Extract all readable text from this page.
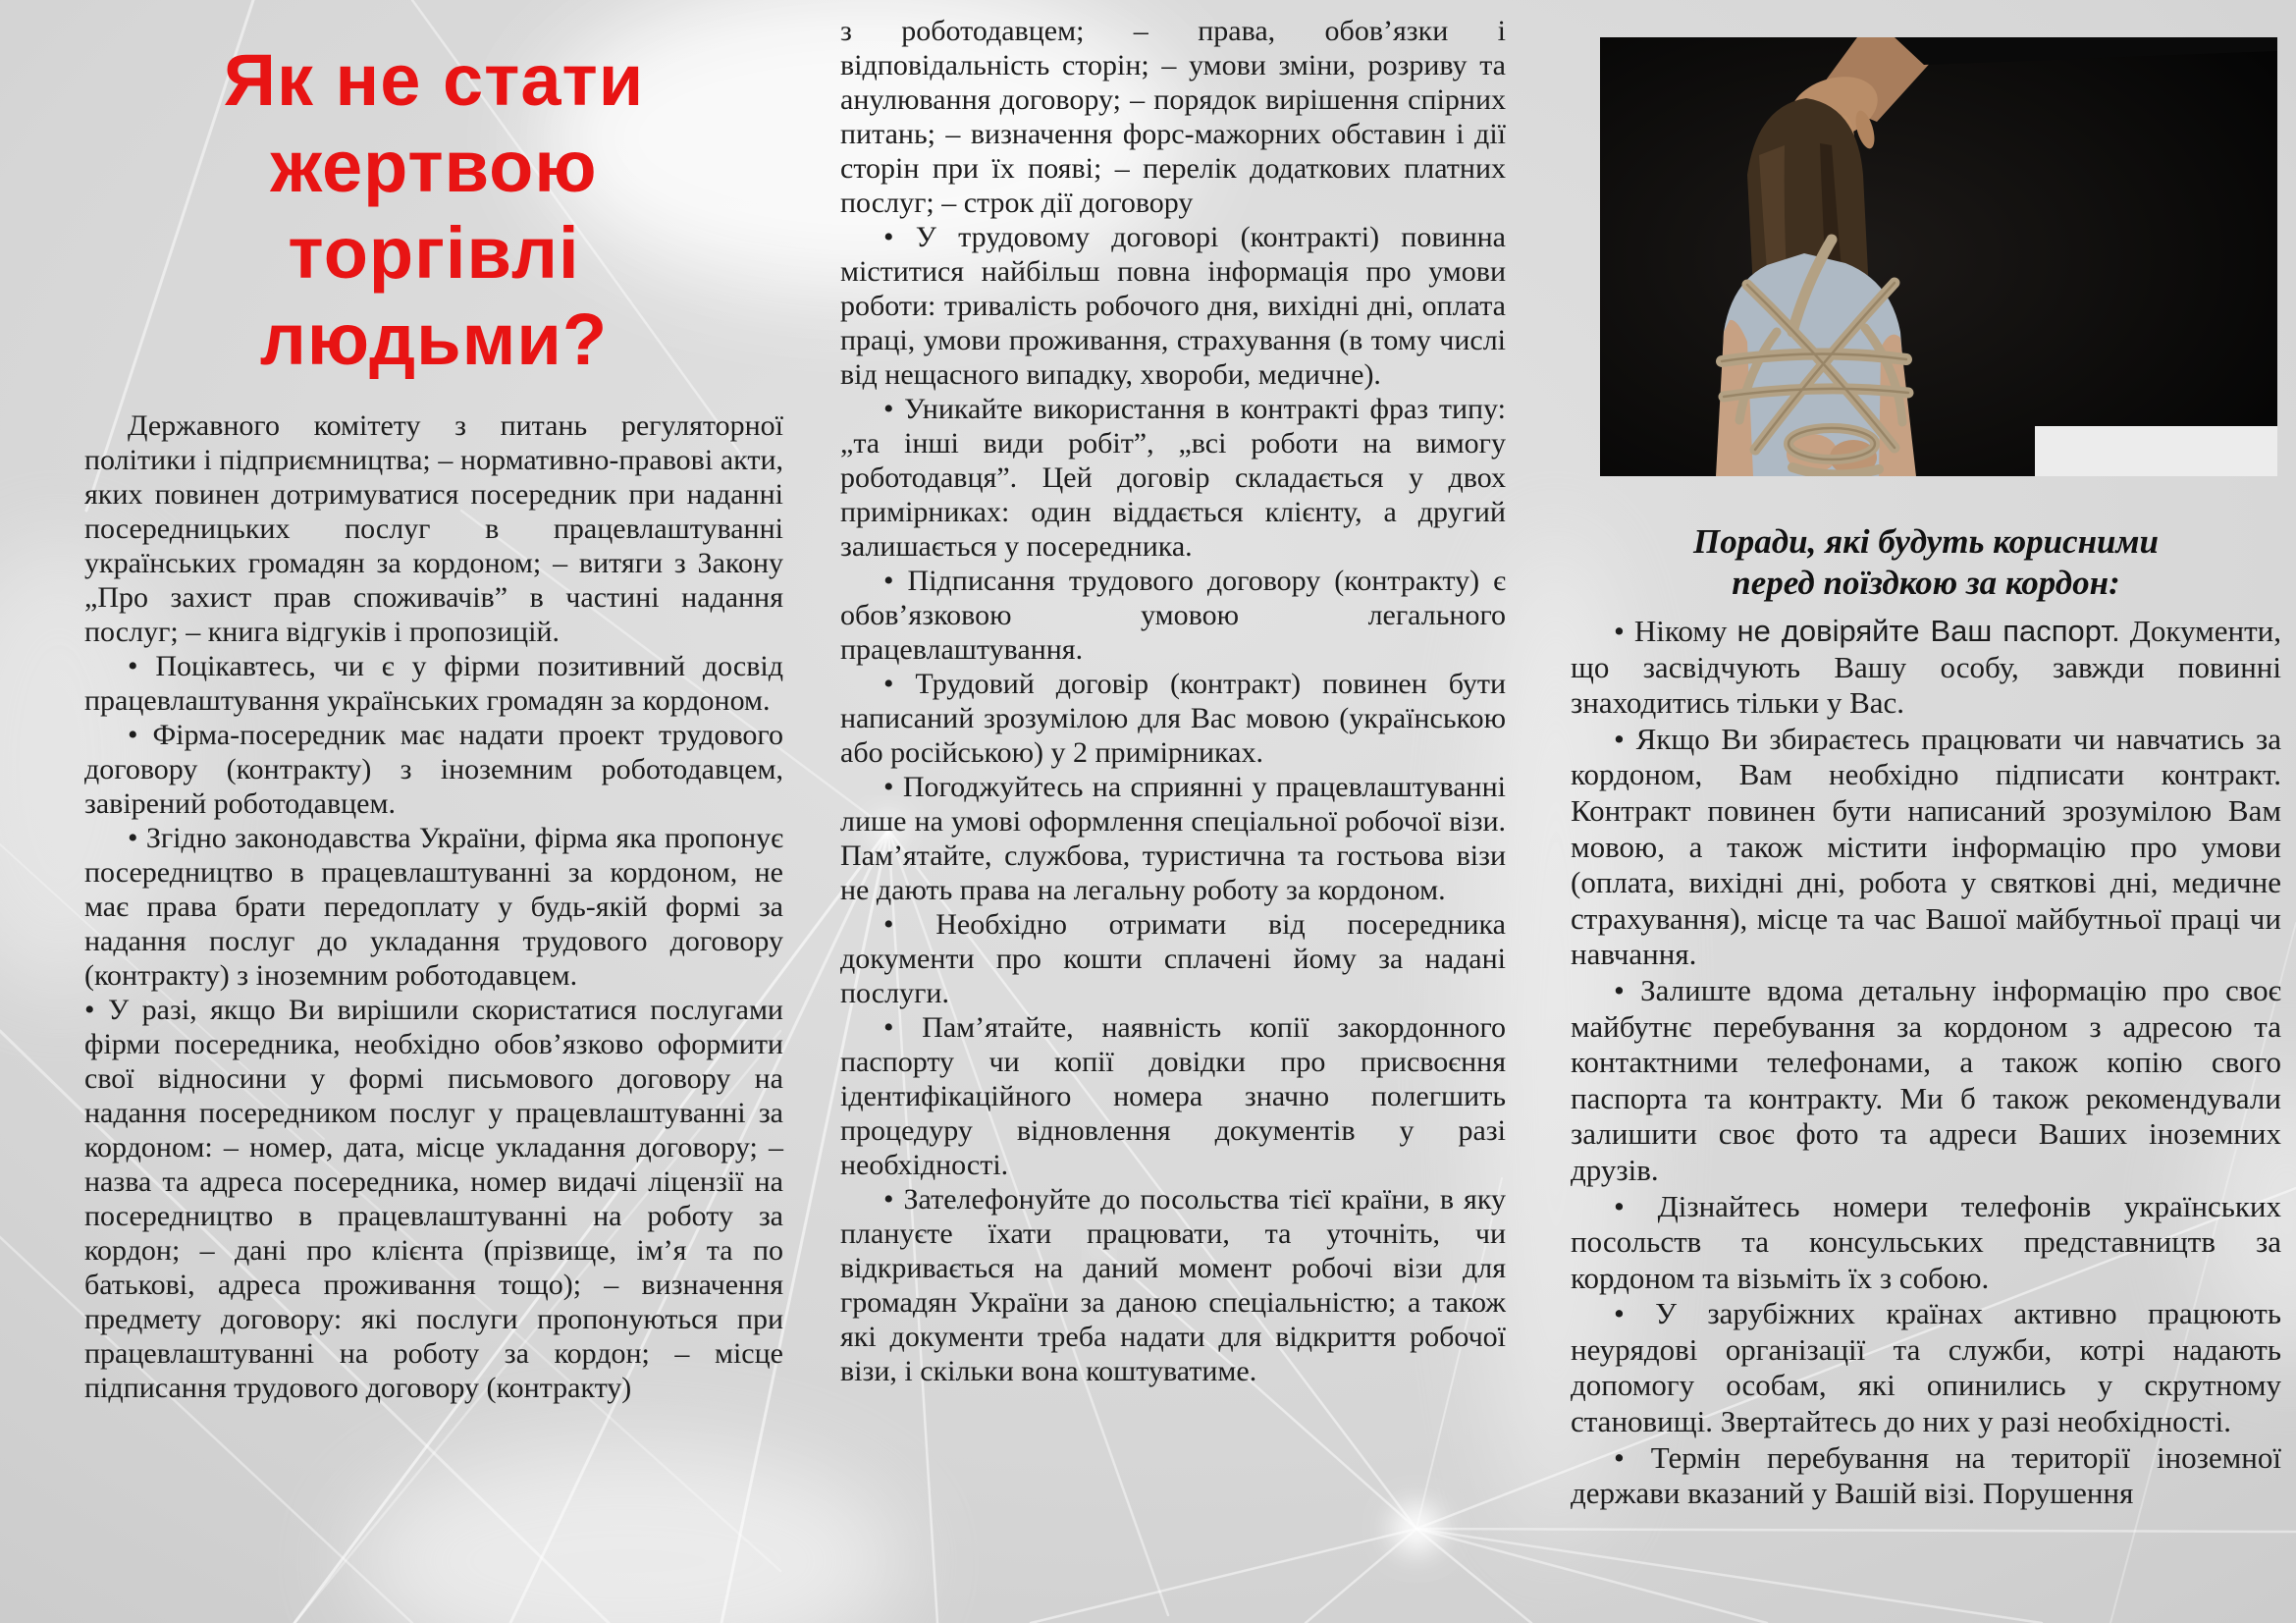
Як не стати
жертвою
торгівлі
людьми?

Державного комітету з питань регуляторної політики і підприємництва; – нормативно-правові акти, яких повинен дотримуватися посередник при наданні посередницьких послуг в працевлаштуванні українських громадян за кордоном; – витяги з Закону „Про захист прав споживачів” в частині надання послуг; – книга відгуків і пропозицій.

• Поцікавтесь, чи є у фірми позитивний досвід працевлаштування українських громадян за кордоном.

• Фірма-посередник має надати проект трудового договору (контракту) з іноземним роботодавцем, завірений роботодавцем.

• Згідно законодавства України, фірма яка пропонує посередництво в працевлаштуванні за кордоном, не має права брати передоплату у будь-якій формі за надання послуг до укладання трудового договору (контракту) з іноземним роботодавцем.

• У разі, якщо Ви вирішили скористатися послугами фірми посередника, необхідно обов’язково оформити свої відносини у формі письмового договору на надання посередником послуг у працевлаштуванні за кордоном: – номер, дата, місце укладання договору; – назва та адреса посередника, номер видачі ліцензії на посередництво в працевлаштуванні на роботу за кордон; – дані про клієнта (прізвище, ім’я та по батькові, адреса проживання тощо); – визначення предмету договору: які послуги пропонуються при працевлаштуванні на роботу за кордон; – місце підписання трудового договору (контракту)

з роботодавцем; – права, обов’язки і відповідальність сторін; – умови зміни, розриву та анулювання договору; – порядок вирішення спірних питань; – визначення форс-мажорних обставин і дії сторін при їх появі; – перелік додаткових платних послуг; – строк дії договору

• У трудовому договорі (контракті) повинна міститися найбільш повна інформація про умови роботи: тривалість робочого дня, вихідні дні, оплата праці, умови проживання, страхування (в тому числі від нещасного випадку, хвороби, медичне).

• Уникайте використання в контракті фраз типу: „та інші види робіт”, „всі роботи на вимогу роботодавця”. Цей договір складається у двох примірниках: один віддається клієнту, а другий залишається у посередника.

• Підписання трудового договору (контракту) є обов’язковою умовою легального працевлаштування.

• Трудовий договір (контракт) повинен бути написаний зрозумілою для Вас мовою (українською або російською) у 2 примірниках.

• Погоджуйтесь на сприянні у працевлаштуванні лише на умові оформлення спеціальної робочої візи. Пам’ятайте, службова, туристична та гостьова візи не дають права на легальну роботу за кордоном.

• Необхідно отримати від посередника документи про кошти сплачені йому за надані послуги.

• Пам’ятайте, наявність копії закордонного паспорту чи копії довідки про присвоєння ідентифікаційного номера значно полегшить процедуру відновлення документів у разі необхідності.

• Зателефонуйте до посольства тієї країни, в яку плануєте їхати працювати, та уточніть, чи відкривається на даний момент робочі візи для громадян України за даною спеціальністю; а також які документи треба надати для відкриття робочої візи, і скільки вона коштуватиме.

Поради, які будуть корисними
перед поїздкою за кордон:

• Нікому не довіряйте Ваш паспорт. Документи, що засвідчують Вашу особу, завжди повинні знаходитись тільки у Вас.

• Якщо Ви збираєтесь працювати чи навчатись за кордоном, Вам необхідно підписати контракт. Контракт повинен бути написаний зрозумілою Вам мовою, а також містити інформацію про умови (оплата, вихідні дні, робота у святкові дні, медичне страхування), місце та час Вашої майбутньої праці чи навчання.

• Залиште вдома детальну інформацію про своє майбутнє перебування за кордоном з адресою та контактними телефонами, а також копію свого паспорта та контракту. Ми б також рекомендували залишити своє фото та адреси Ваших іноземних друзів.

• Дізнайтесь номери телефонів українських посольств та консульських представництв за кордоном та візьміть їх з собою.

• У зарубіжних країнах активно працюють неурядові організації та служби, котрі надають допомогу особам, які опинились у скрутному становищі. Звертайтесь до них у разі необхідності.

• Термін перебування на території іноземної держави вказаний у Вашій візі. Порушення
